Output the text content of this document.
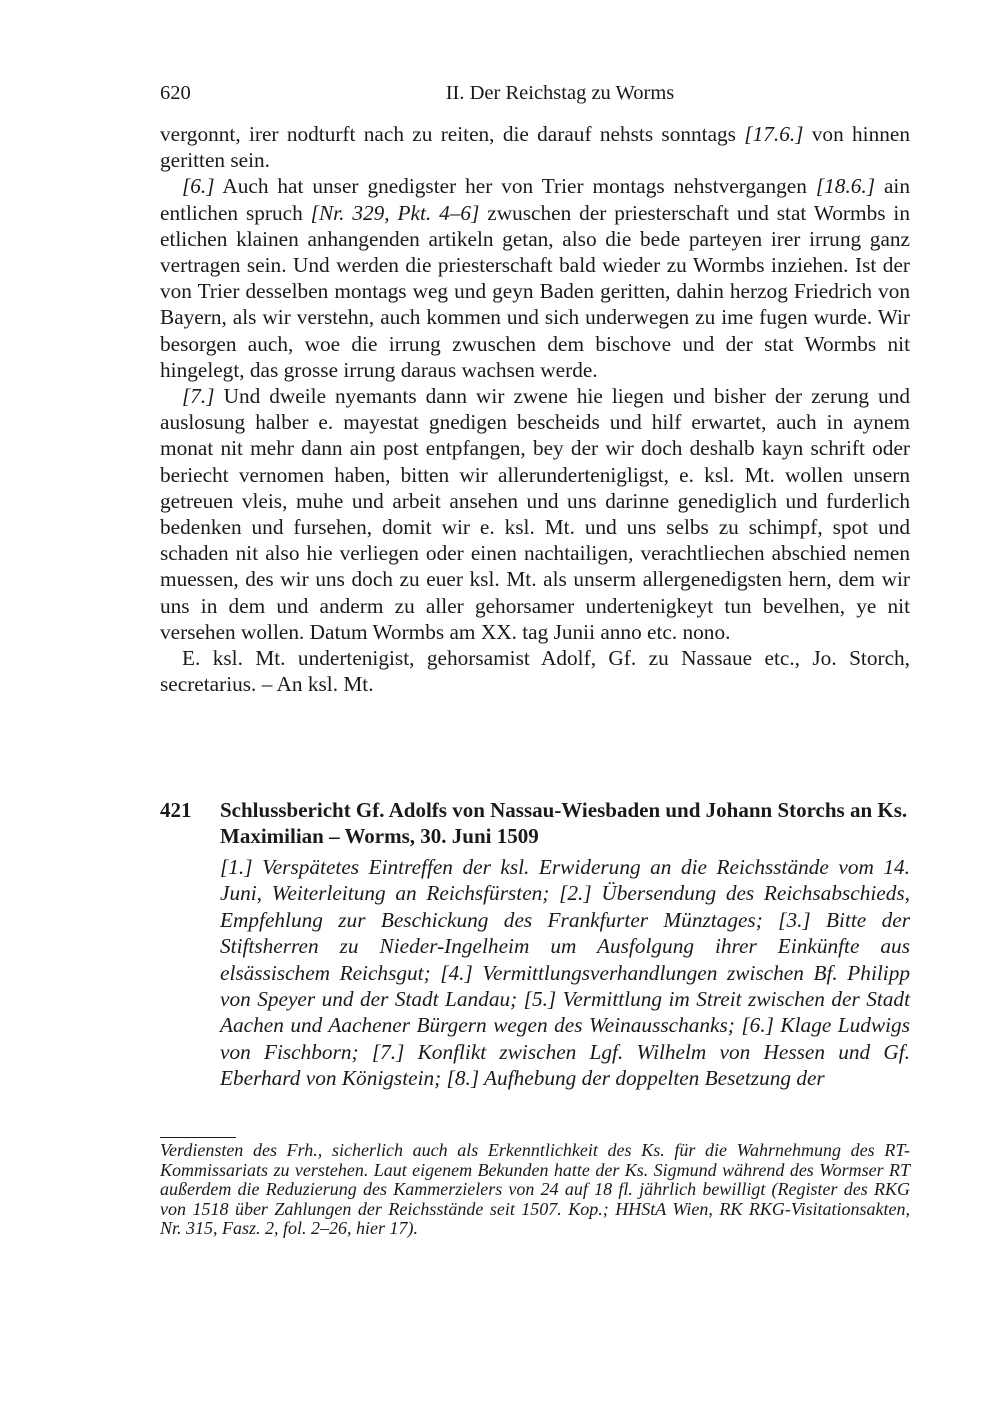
620	II. Der Reichstag zu Worms

vergonnt, irer nodturft nach zu reiten, die darauf nehsts sonntags [17.6.] von hinnen geritten sein.

[6.] Auch hat unser gnedigster her von Trier montags nehstvergangen [18.6.] ain entlichen spruch [Nr. 329, Pkt. 4–6] zwuschen der priesterschaft und stat Wormbs in etlichen klainen anhangenden artikeln getan, also die bede parteyen irer irrung ganz vertragen sein. Und werden die priesterschaft bald wieder zu Wormbs inziehen. Ist der von Trier desselben montags weg und geyn Baden geritten, dahin herzog Friedrich von Bayern, als wir verstehn, auch kommen und sich underwegen zu ime fugen wurde. Wir besorgen auch, woe die irrung zwuschen dem bischove und der stat Wormbs nit hingelegt, das grosse irrung daraus wachsen werde.

[7.] Und dweile nyemants dann wir zwene hie liegen und bisher der zerung und auslosung halber e. mayestat gnedigen bescheids und hilf erwartet, auch in aynem monat nit mehr dann ain post entpfangen, bey der wir doch deshalb kayn schrift oder beriecht vernomen haben, bitten wir allerundertenigligst, e. ksl. Mt. wollen unsern getreuen vleis, muhe und arbeit ansehen und uns darinne genediglich und furderlich bedenken und fursehen, domit wir e. ksl. Mt. und uns selbs zu schimpf, spot und schaden nit also hie verliegen oder einen nachtailigen, verachtliechen abschied nemen muessen, des wir uns doch zu euer ksl. Mt. als unserm allergenedigsten hern, dem wir uns in dem und anderm zu aller gehorsamer undertenigkeyt tun bevelhen, ye nit versehen wollen. Datum Wormbs am XX. tag Junii anno etc. nono.

E. ksl. Mt. undertenigist, gehorsamist Adolf, Gf. zu Nassaue etc., Jo. Storch, secretarius. – An ksl. Mt.

421 Schlussbericht Gf. Adolfs von Nassau-Wiesbaden und Johann Storchs an Ks. Maximilian – Worms, 30. Juni 1509
[1.] Verspätetes Eintreffen der ksl. Erwiderung an die Reichsstände vom 14. Juni, Weiterleitung an Reichsfürsten; [2.] Übersendung des Reichsabschieds, Empfehlung zur Beschickung des Frankfurter Münztages; [3.] Bitte der Stiftsherren zu Nieder-Ingelheim um Ausfolgung ihrer Einkünfte aus elsässischem Reichsgut; [4.] Vermittlungsverhandlungen zwischen Bf. Philipp von Speyer und der Stadt Landau; [5.] Vermittlung im Streit zwischen der Stadt Aachen und Aachener Bürgern wegen des Weinausschanks; [6.] Klage Ludwigs von Fischborn; [7.] Konflikt zwischen Lgf. Wilhelm von Hessen und Gf. Eberhard von Königstein; [8.] Aufhebung der doppelten Besetzung der
Verdiensten des Frh., sicherlich auch als Erkenntlichkeit des Ks. für die Wahrnehmung des RT-Kommissariats zu verstehen. Laut eigenem Bekunden hatte der Ks. Sigmund während des Wormser RT außerdem die Reduzierung des Kammerzielers von 24 auf 18 fl. jährlich bewilligt (Register des RKG von 1518 über Zahlungen der Reichsstände seit 1507. Kop.; HHStA Wien, RK RKG-Visitationsakten, Nr. 315, Fasz. 2, fol. 2–26, hier 17).
